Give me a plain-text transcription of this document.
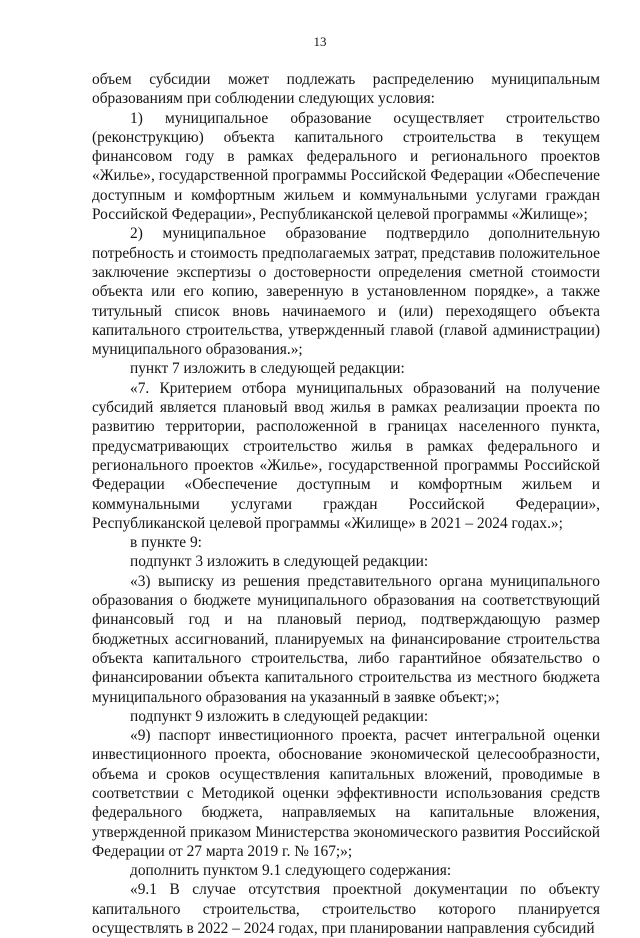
13

объем субсидии может подлежать распределению муниципальным образованиям при соблюдении следующих условия:

1) муниципальное образование осуществляет строительство (реконструкцию) объекта капитального строительства в текущем финансовом году в рамках федерального и регионального проектов «Жилье», государственной программы Российской Федерации «Обеспечение доступным и комфортным жильем и коммунальными услугами граждан Российской Федерации», Республиканской целевой программы «Жилище»;

2) муниципальное образование подтвердило дополнительную потребность и стоимость предполагаемых затрат, представив положительное заключение экспертизы о достоверности определения сметной стоимости объекта или его копию, заверенную в установленном порядке», а также титульный список вновь начинаемого и (или) переходящего объекта капитального строительства, утвержденный главой (главой администрации) муниципального образования.»;

пункт 7 изложить в следующей редакции:

«7. Критерием отбора муниципальных образований на получение субсидий является плановый ввод жилья в рамках реализации проекта по развитию территории, расположенной в границах населенного пункта, предусматривающих строительство жилья в рамках федерального и регионального проектов «Жилье», государственной программы Российской Федерации «Обеспечение доступным и комфортным жильем и коммунальными услугами граждан Российской Федерации», Республиканской целевой программы «Жилище» в 2021 – 2024 годах.»;

в пункте 9:

подпункт 3 изложить в следующей редакции:

«3) выписку из решения представительного органа муниципального образования о бюджете муниципального образования на соответствующий финансовый год и на плановый период, подтверждающую размер бюджетных ассигнований, планируемых на финансирование строительства объекта капитального строительства, либо гарантийное обязательство о финансировании объекта капитального строительства из местного бюджета муниципального образования на указанный в заявке объект;»;

подпункт 9 изложить в следующей редакции:

«9) паспорт инвестиционного проекта, расчет интегральной оценки инвестиционного проекта, обоснование экономической целесообразности, объема и сроков осуществления капитальных вложений, проводимые в соответствии с Методикой оценки эффективности использования средств федерального бюджета, направляемых на капитальные вложения, утвержденной приказом Министерства экономического развития Российской Федерации от 27 марта 2019 г. № 167;»;

дополнить пунктом 9.1 следующего содержания:

«9.1 В случае отсутствия проектной документации по объекту капитального строительства, строительство которого планируется осуществлять в 2022 – 2024 годах, при планировании направления субсидий
